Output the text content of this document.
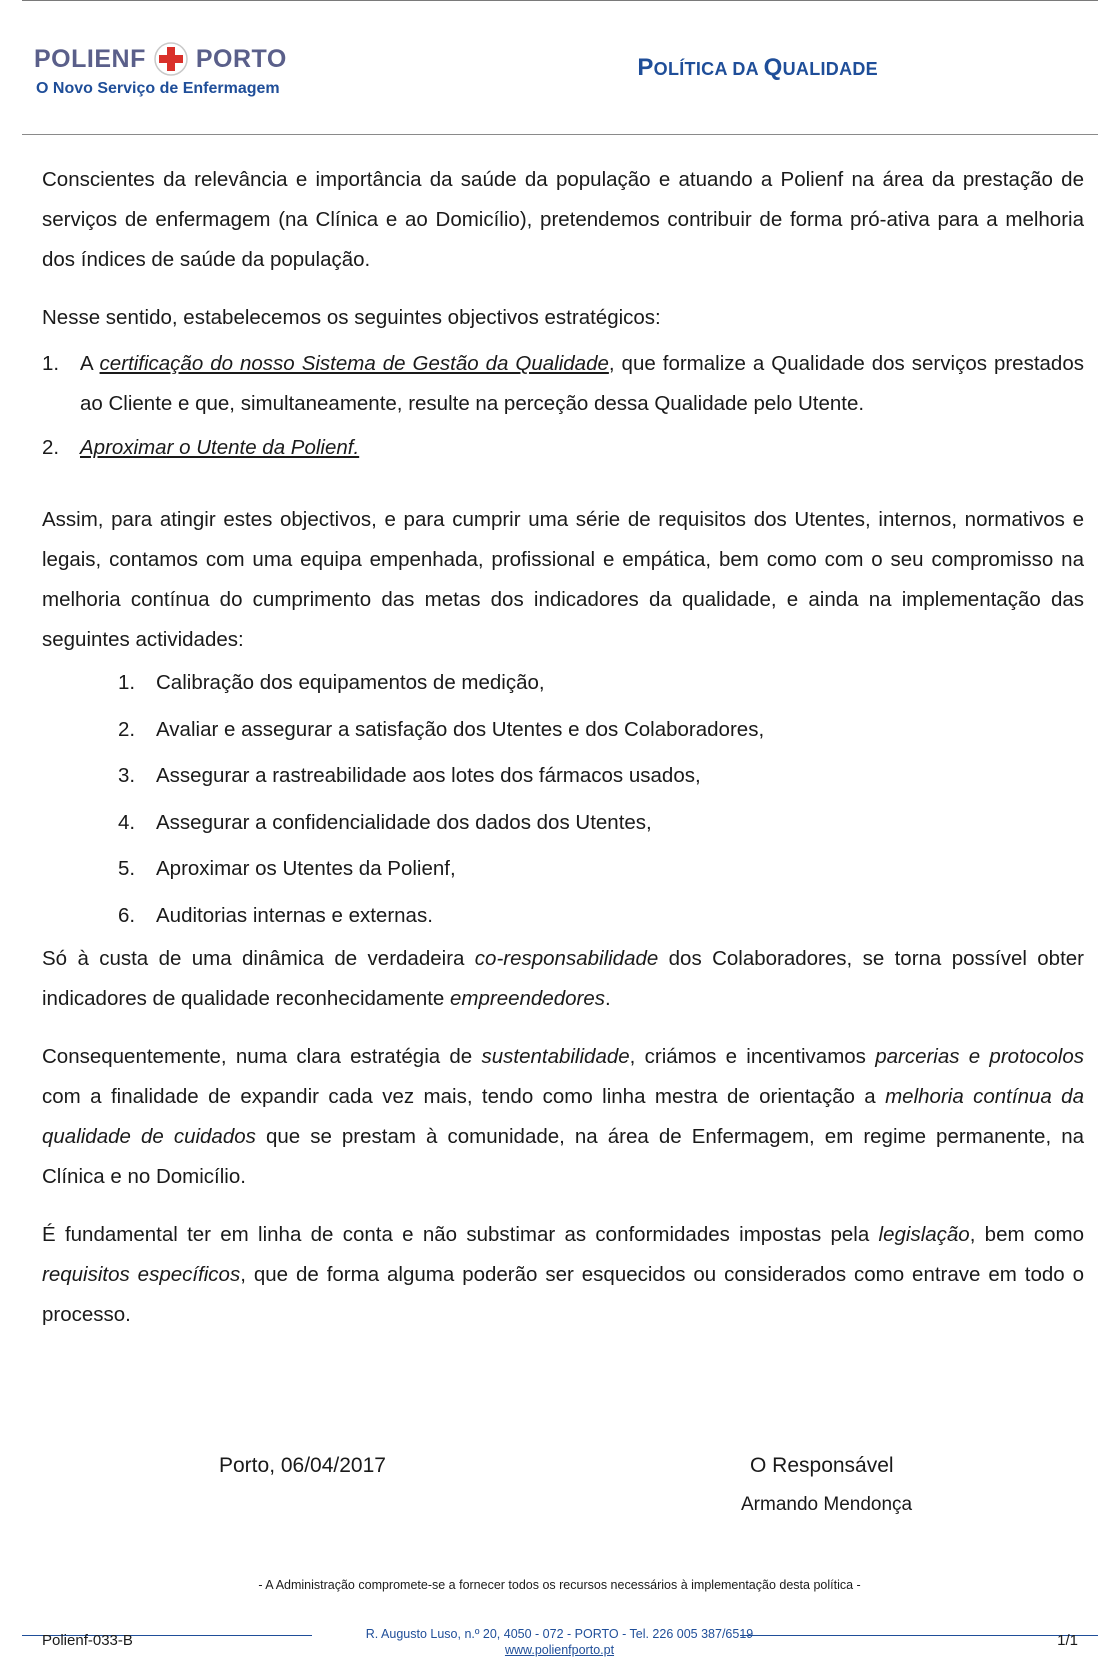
POLIENF PORTO
O Novo Serviço de Enfermagem
POLÍTICA DA QUALIDADE

Conscientes da relevância e importância da saúde da população e atuando a Polienf na área da prestação de serviços de enfermagem (na Clínica e ao Domicílio), pretendemos contribuir de forma pró-ativa para a melhoria dos índices de saúde da população.

Nesse sentido, estabelecemos os seguintes objectivos estratégicos:

1.	A certificação do nosso Sistema de Gestão da Qualidade, que formalize a Qualidade dos serviços prestados ao Cliente e que, simultaneamente, resulte na perceção dessa Qualidade pelo Utente.
2.	Aproximar o Utente da Polienf.

Assim, para atingir estes objectivos, e para cumprir uma série de requisitos dos Utentes, internos, normativos e legais, contamos com uma equipa empenhada, profissional e empática, bem como com o seu compromisso na melhoria contínua do cumprimento das metas dos indicadores da qualidade, e ainda na implementação das seguintes actividades:

1.	Calibração dos equipamentos de medição,
2.	Avaliar e assegurar a satisfação dos Utentes e dos Colaboradores,
3.	Assegurar a rastreabilidade aos lotes dos fármacos usados,
4.	Assegurar a confidencialidade dos dados dos Utentes,
5.	Aproximar os Utentes da Polienf,
6.	Auditorias internas e externas.

Só à custa de uma dinâmica de verdadeira co-responsabilidade dos Colaboradores, se torna possível obter indicadores de qualidade reconhecidamente empreendedores.

Consequentemente, numa clara estratégia de sustentabilidade, criámos e incentivamos parcerias e protocolos com a finalidade de expandir cada vez mais, tendo como linha mestra de orientação a melhoria contínua da qualidade de cuidados que se prestam à comunidade, na área de Enfermagem, em regime permanente, na Clínica e no Domicílio.

É fundamental ter em linha de conta e não substimar as conformidades impostas pela legislação, bem como requisitos específicos, que de forma alguma poderão ser esquecidos ou considerados como entrave em todo o processo.

Porto, 06/04/2017	O Responsável
Armando Mendonça
- A Administração compromete-se a fornecer todos os recursos necessários à implementação desta política -
R. Augusto Luso, n.º 20, 4050 - 072 - PORTO - Tel. 226 005 387/6519
www.polienfporto.pt
Polienf-033-B	1/1
